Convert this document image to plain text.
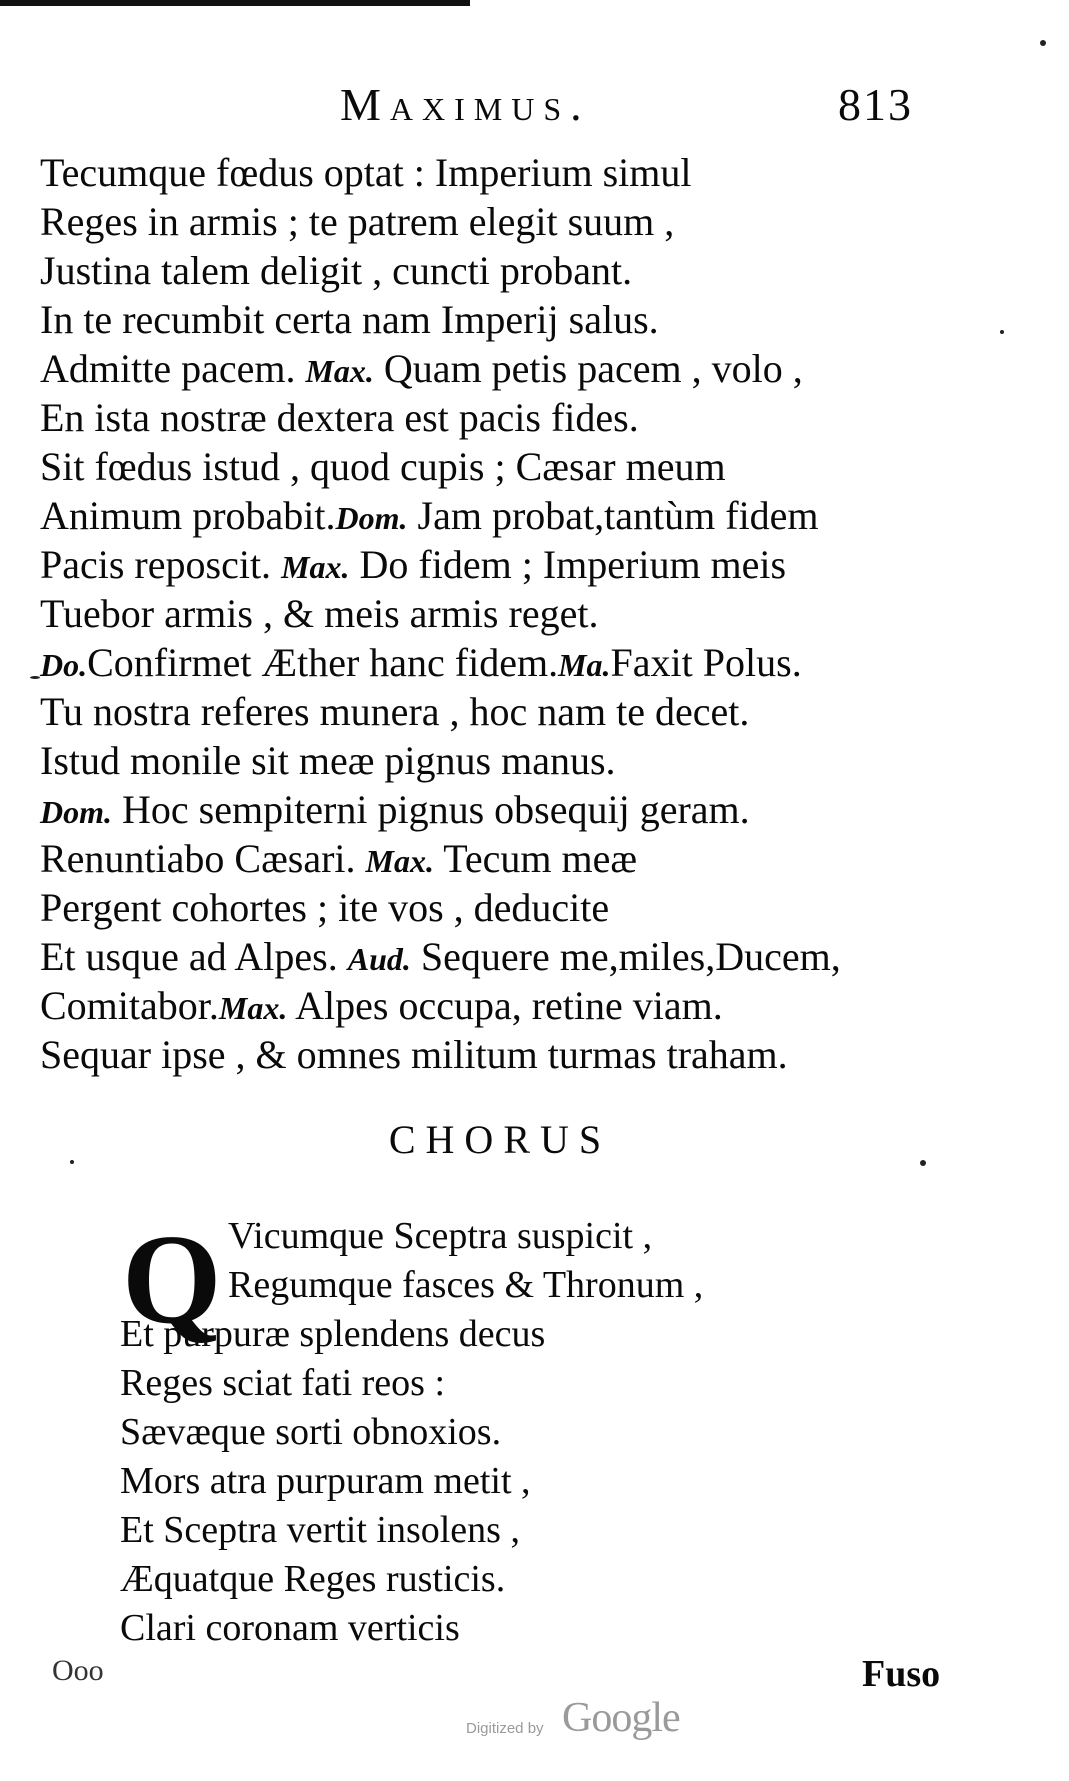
Maximus.	813
Tecumque fœdus optat : Imperium simul
Reges in armis ; te patrem elegit suum ,
Justina talem deligit , cuncti probant.
In te recumbit certa nam Imperij salus.
Admitte pacem. Max. Quam petis pacem , volo ,
En ista nostræ dextera est pacis fides.
Sit fœdus istud , quod cupis ; Cæsar meum
Animum probabit.Dom. Jam probat,tantùm fidem
Pacis reposcit. Max. Do fidem ; Imperium meis
Tuebor armis , & meis armis reget.
Do.Confirmet Æther hanc fidem.Ma.Faxit Polus.
Tu nostra referes munera , hoc nam te decet.
Istud monile sit meæ pignus manus.
Dom. Hoc sempiterni pignus obsequij geram.
Renuntiabo Cæsari. Max. Tecum meæ
Pergent cohortes ; ite vos , deducite
Et usque ad Alpes. Aud. Sequere me,miles,Ducem,
Comitabor.Max. Alpes occupa, retine viam.
Sequar ipse , & omnes militum turmas traham.
CHORUS
Q Vicumque Sceptra suspicit ,
Regumque fasces & Thronum ,
Et purpuræ splendens decus
Reges sciat fati reos :
Sævæque sorti obnoxios.
Mors atra purpuram metit ,
Et Sceptra vertit insolens ,
Æquatque Reges rusticis.
Clari coronam verticis
Ooo	Fuso
Digitized by Google
